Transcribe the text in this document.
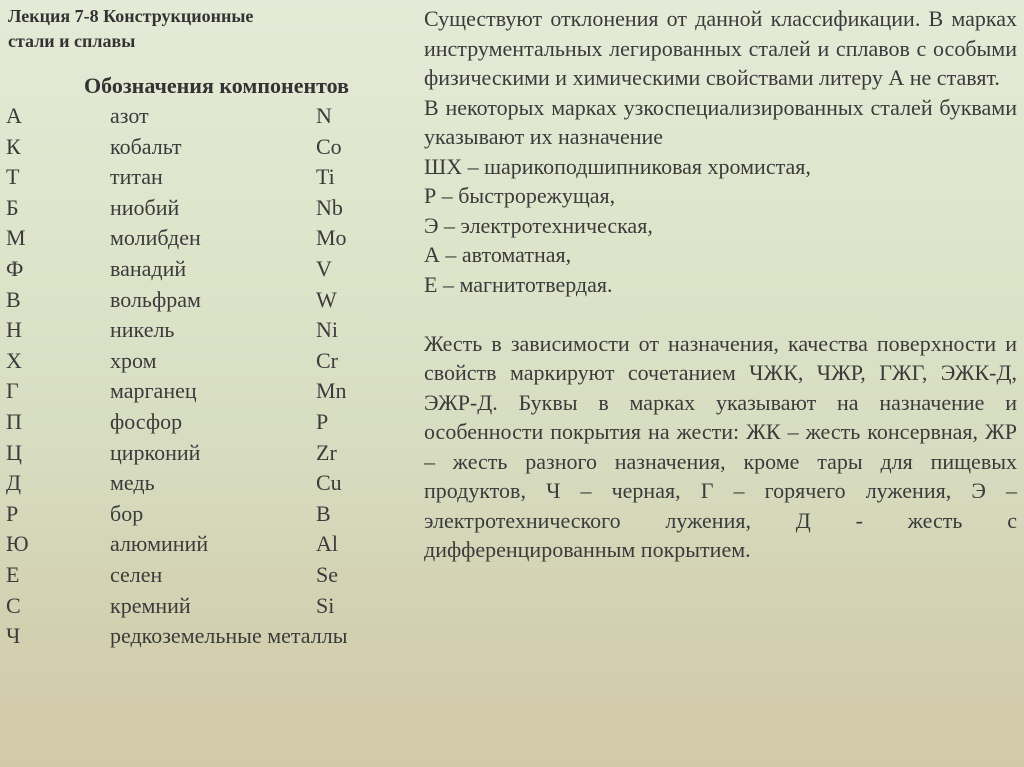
Лекция 7-8 Конструкционные
стали и сплавы
Обозначения компонентов
А	азот	N
К	кобальт	Co
Т	титан	Ti
Б	ниобий	Nb
М	молибден	Mo
Ф	ванадий	V
В	вольфрам	W
Н	никель	Ni
Х	хром	Cr
Г	марганец	Mn
П	фосфор	P
Ц	цирконий	Zr
Д	медь	Cu
Р	бор	B
Ю	алюминий	Al
Е	селен	Se
С	кремний	Si
Ч	редкоземельные металлы

Существуют отклонения от данной классификации. В марках инструментальных легированных сталей и сплавов с особыми физическими и химическими свойствами литеру А не ставят.

В некоторых марках узкоспециализированных сталей буквами указывают их назначение

ШХ – шарикоподшипниковая хромистая,

Р – быстрорежущая,

Э – электротехническая,

А – автоматная,

Е – магнитотвердая.

Жесть в зависимости от назначения, качества поверхности и свойств маркируют сочетанием ЧЖК, ЧЖР, ГЖГ, ЭЖК-Д, ЭЖР-Д. Буквы в марках указывают на назначение и особенности покрытия на жести: ЖК – жесть консервная, ЖР – жесть разного назначения, кроме тары для пищевых продуктов, Ч – черная, Г – горячего лужения, Э – электротехнического лужения, Д - жесть с дифференцированным покрытием.
